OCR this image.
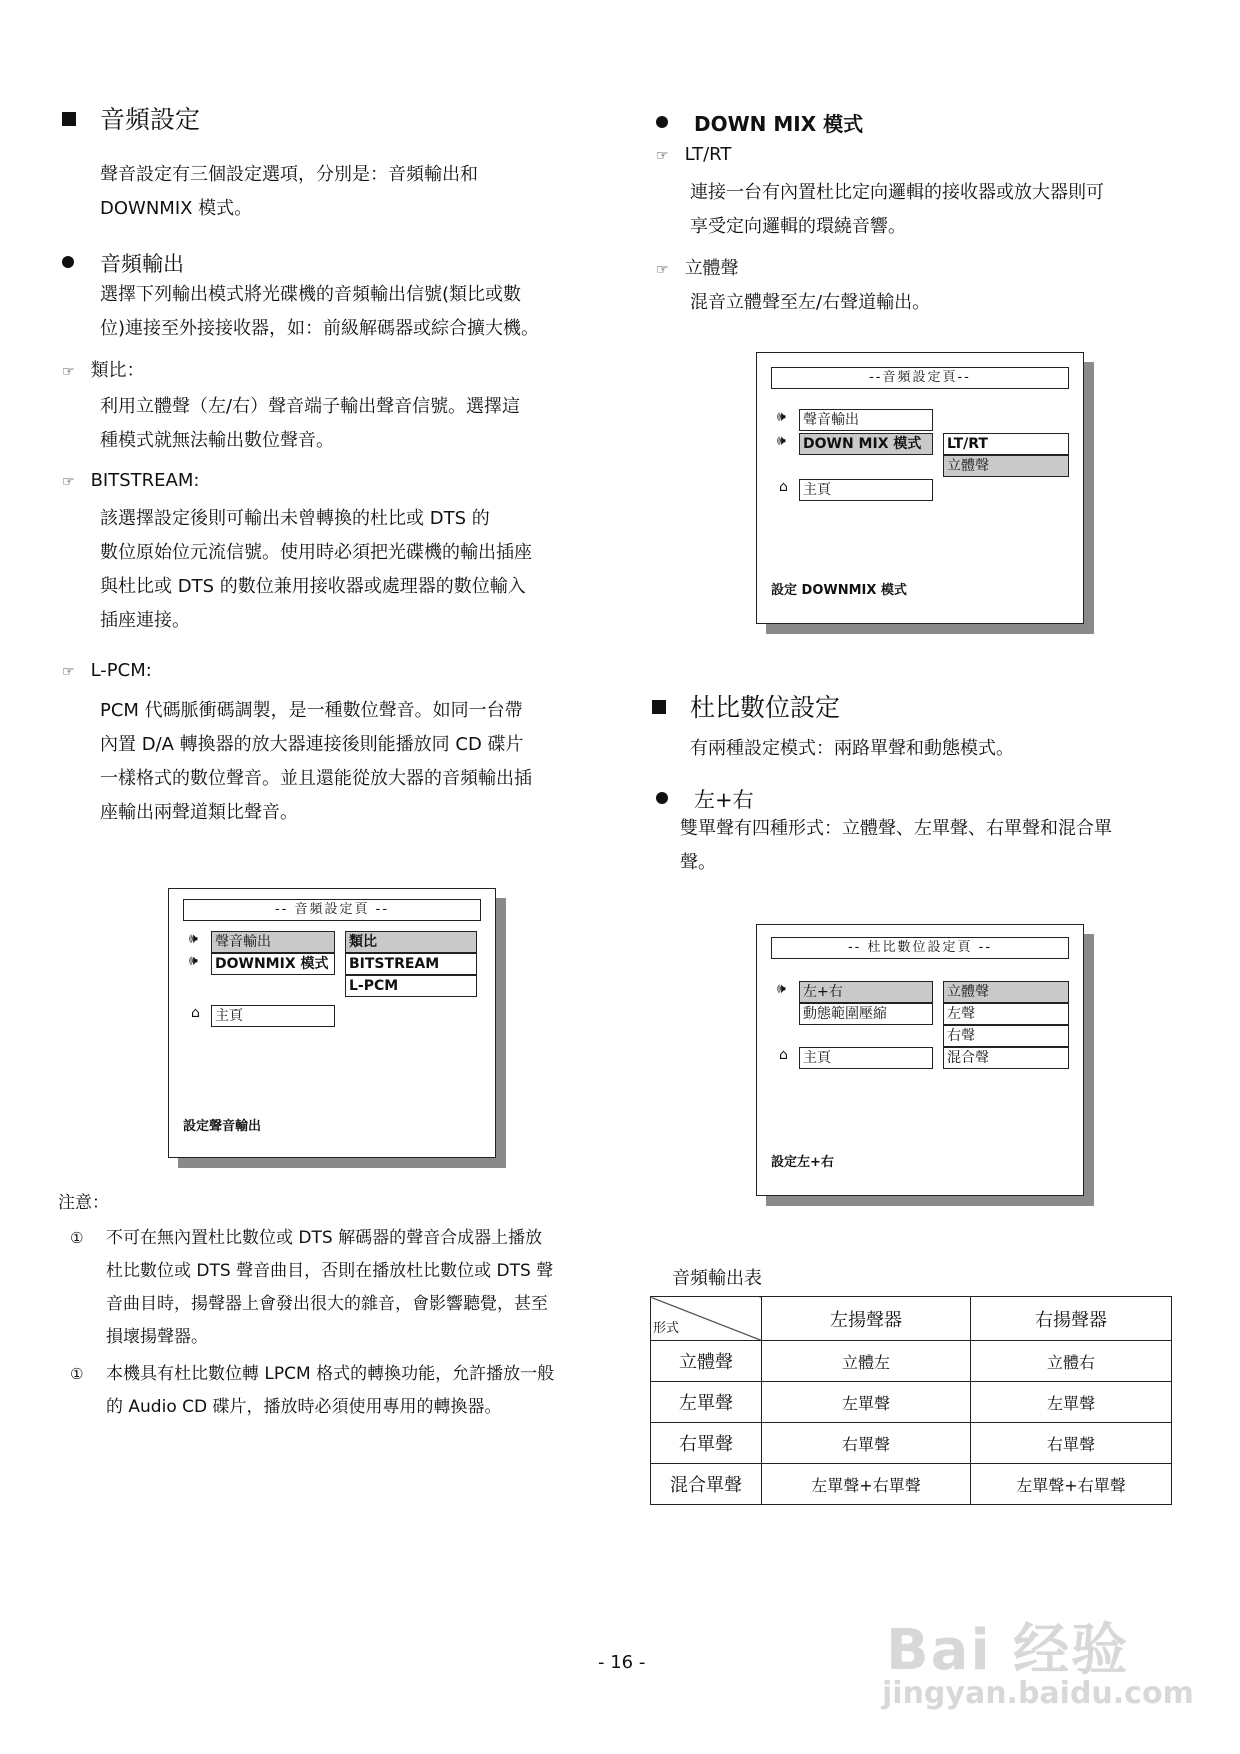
音頻設定
聲音設定有三個設定選項，分別是：音頻輸出和
DOWNMIX 模式。
音頻輸出
選擇下列輸出模式將光碟機的音頻輸出信號(類比或數
位)連接至外接接收器，如：前級解碼器或綜合擴大機。
☞ 類比：
利用立體聲（左/右）聲音端子輸出聲音信號。選擇這
種模式就無法輸出數位聲音。
☞ BITSTREAM:
該選擇設定後則可輸出未曾轉換的杜比或 DTS 的
數位原始位元流信號。使用時必須把光碟機的輸出插座
與杜比或 DTS 的數位兼用接收器或處理器的數位輸入
插座連接。
☞ L-PCM:
PCM 代碼脈衝碼調製，是一種數位聲音。如同一台帶
內置 D/A 轉換器的放大器連接後則能播放同 CD 碟片
一樣格式的數位聲音。並且還能從放大器的音頻輸出插
座輸出兩聲道類比聲音。
-- 音頻設定頁 --
🕪
🕪
聲音輸出
DOWNMIX 模式
類比
BITSTREAM
L-PCM
⌂ 主頁
設定聲音輸出
注意：
① 不可在無內置杜比數位或 DTS 解碼器的聲音合成器上播放
杜比數位或 DTS 聲音曲目，否則在播放杜比數位或 DTS 聲
音曲目時，揚聲器上會發出很大的雜音，會影響聽覺，甚至
損壞揚聲器。
① 本機具有杜比數位轉 LPCM 格式的轉換功能，允許播放一般
的 Audio CD 碟片，播放時必須使用專用的轉換器。
DOWN MIX 模式
☞ LT/RT
連接一台有內置杜比定向邏輯的接收器或放大器則可
享受定向邏輯的環繞音響。
☞ 立體聲
混音立體聲至左/右聲道輸出。
--音頻設定頁--
🕪
🕪
聲音輸出
DOWN MIX 模式	LT/RT
立體聲
⌂ 主頁
設定 DOWNMIX 模式
杜比數位設定
有兩種設定模式：兩路單聲和動態模式。
左+右
雙單聲有四種形式：立體聲、左單聲、右單聲和混合單
聲。
-- 杜比數位設定頁 --
🕪 左+右
動態範圍壓縮
立體聲
左聲
右聲
混合聲
⌂ 主頁
設定左+右
音頻輸出表
形式	左揚聲器	右揚聲器
立體聲	立體左	立體右
左單聲	左單聲	左單聲
右單聲	右單聲	右單聲
混合單聲	左單聲+右單聲	左單聲+右單聲
- 16 -	Bai 经验
jingyan.baidu.com
